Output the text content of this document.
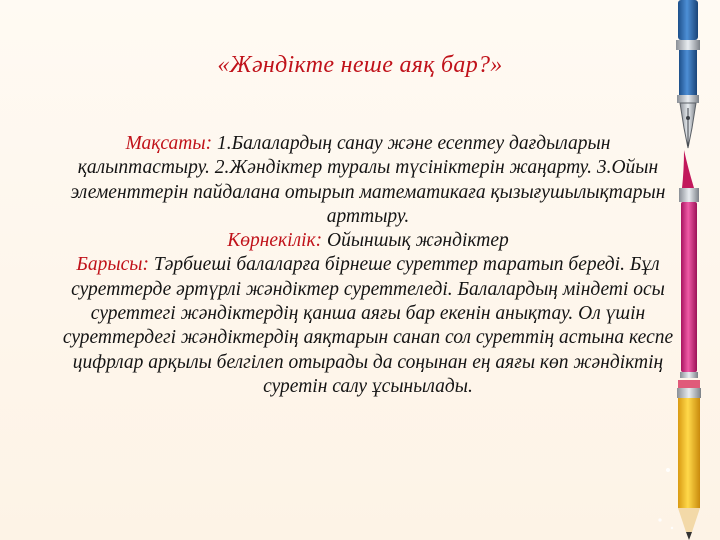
«Жәндікте неше аяқ бар?»

Мақсаты: 1.Балалардың санау және есептеу дағдыларын қалыптастыру. 2.Жәндіктер туралы түсініктерін жаңарту. 3.Ойын элементтерін пайдалана отырып математикаға қызығушылықтарын арттыру.

Көрнекілік: Ойыншық жәндіктер

Барысы: Тәрбиеші балаларға бірнеше суреттер таратып береді. Бұл суреттерде әртүрлі жәндіктер суреттеледі. Балалардың міндеті осы суреттегі жәндіктердің қанша аяғы бар екенін анықтау. Ол үшін суреттердегі жәндіктердің аяқтарын санап сол суреттің астына кеспе цифрлар арқылы белгілеп отырады да соңынан ең аяғы көп жәндіктің суретін салу ұсынылады.
